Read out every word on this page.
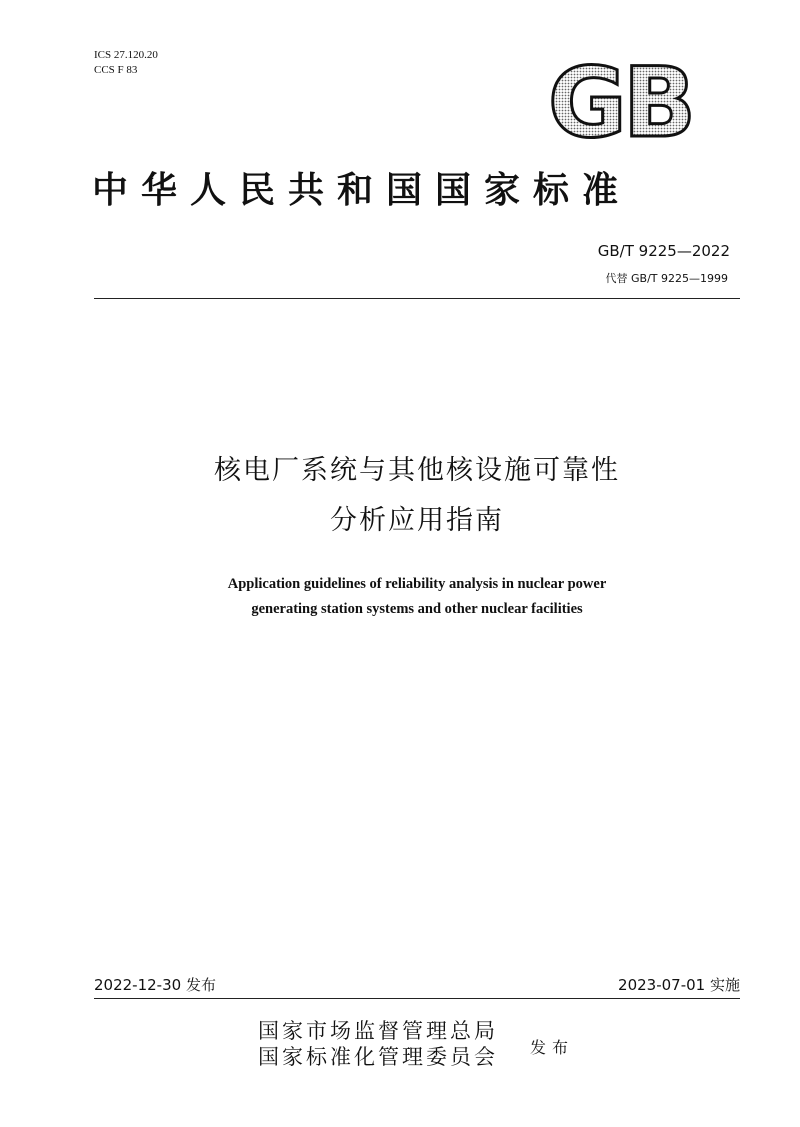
ICS 27.120.20
CCS F 83	GB
中华人民共和国国家标准
GB/T 9225—2022
代替 GB/T 9225—1999
核电厂系统与其他核设施可靠性
分析应用指南
Application guidelines of reliability analysis in nuclear power
generating station systems and other nuclear facilities
2022-12-30 发布	2023-07-01 实施
国家市场监督管理总局
国家标准化管理委员会 发布
